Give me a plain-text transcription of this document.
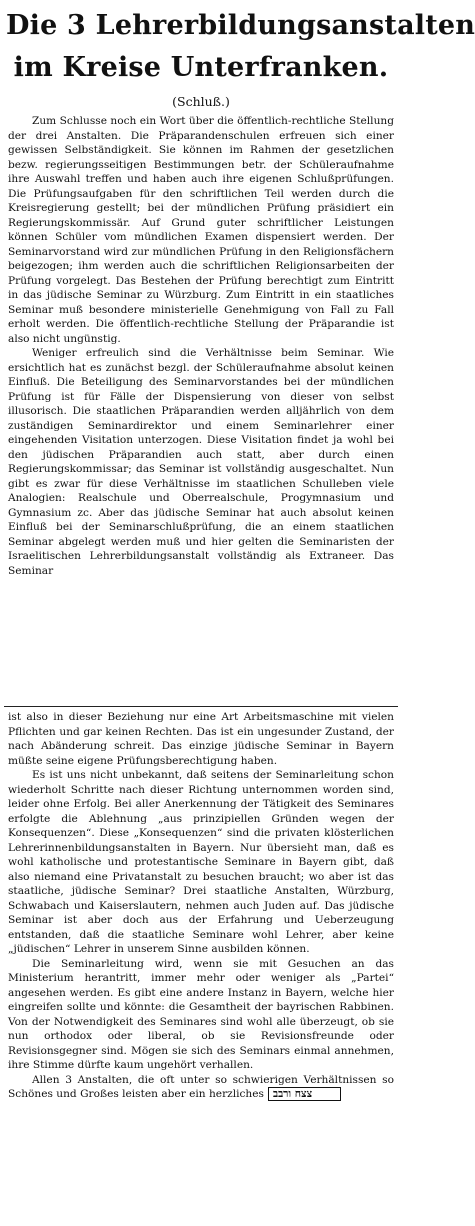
Die 3 Lehrerbildungsanstalten
im Kreise Unterfranken.
(Schluß.)

Zum Schlusse noch ein Wort über die öffentlich-rechtliche Stellung der drei Anstalten. Die Präparandenschulen erfreuen sich einer gewissen Selbständigkeit. Sie können im Rahmen der gesetzlichen bezw. regierungsseitigen Bestimmungen betr. der Schüleraufnahme ihre Auswahl treffen und haben auch ihre eigenen Schlußprüfungen. Die Prüfungsaufgaben für den schriftlichen Teil werden durch die Kreisregierung gestellt; bei der mündlichen Prüfung präsidiert ein Regierungskommissär. Auf Grund guter schriftlicher Leistungen können Schüler vom mündlichen Examen dispensiert werden. Der Seminarvorstand wird zur mündlichen Prüfung in den Religionsfächern beigezogen; ihm werden auch die schriftlichen Religionsarbeiten der Prüfung vorgelegt. Das Bestehen der Prüfung berechtigt zum Eintritt in das jüdische Seminar zu Würzburg. Zum Eintritt in ein staatliches Seminar muß besondere ministerielle Genehmigung von Fall zu Fall erholt werden. Die öffentlich-rechtliche Stellung der Präparandie ist also nicht ungünstig.

Weniger erfreulich sind die Verhältnisse beim Seminar. Wie ersichtlich hat es zunächst bezgl. der Schüleraufnahme absolut keinen Einfluß. Die Beteiligung des Seminarvorstandes bei der mündlichen Prüfung ist für Fälle der Dispensierung von dieser von selbst illusorisch. Die staatlichen Präparandien werden alljährlich von dem zuständigen Seminardirektor und einem Seminarlehrer einer eingehenden Visitation unterzogen. Diese Visitation findet ja wohl bei den jüdischen Präparandien auch statt, aber durch einen Regierungskommissar; das Seminar ist vollständig ausgeschaltet. Nun gibt es zwar für diese Verhältnisse im staatlichen Schulleben viele Analogien: Realschule und Oberrealschule, Progymnasium und Gymnasium zc. Aber das jüdische Seminar hat auch absolut keinen Einfluß bei der Seminarschlußprüfung, die an einem staatlichen Seminar abgelegt werden muß und hier gelten die Seminaristen der Israelitischen Lehrerbildungsanstalt vollständig als Extraneer. Das Seminar

ist also in dieser Beziehung nur eine Art Arbeitsmaschine mit vielen Pflichten und gar keinen Rechten. Das ist ein ungesunder Zustand, der nach Abänderung schreit. Das einzige jüdische Seminar in Bayern müßte seine eigene Prüfungsberechtigung haben.

Es ist uns nicht unbekannt, daß seitens der Seminarleitung schon wiederholt Schritte nach dieser Richtung unternommen worden sind, leider ohne Erfolg. Bei aller Anerkennung der Tätigkeit des Seminares erfolgte die Ablehnung „aus prinzipiellen Gründen wegen der Konsequenzen“. Diese „Konsequenzen“ sind die privaten klösterlichen Lehrerinnenbildungsanstalten in Bayern. Nur übersieht man, daß es wohl katholische und protestantische Seminare in Bayern gibt, daß also niemand eine Privatanstalt zu besuchen braucht; wo aber ist das staatliche, jüdische Seminar? Drei staatliche Anstalten, Würzburg, Schwabach und Kaiserslautern, nehmen auch Juden auf. Das jüdische Seminar ist aber doch aus der Erfahrung und Ueberzeugung entstanden, daß die staatliche Seminare wohl Lehrer, aber keine „jüdischen“ Lehrer in unserem Sinne ausbilden können.

Die Seminarleitung wird, wenn sie mit Gesuchen an das Ministerium herantritt, immer mehr oder weniger als „Partei“ angesehen werden. Es gibt eine andere Instanz in Bayern, welche hier eingreifen sollte und könnte: die Gesamtheit der bayrischen Rabbinen. Von der Notwendigkeit des Seminares sind wohl alle überzeugt, ob sie nun orthodox oder liberal, ob sie Revisionsfreunde oder Revisionsgegner sind. Mögen sie sich des Seminars einmal annehmen, ihre Stimme dürfte kaum ungehört verhallen.

Allen 3 Anstalten, die oft unter so schwierigen Verhältnissen so Schönes und Großes leisten aber ein herzliches צצח ורבב
